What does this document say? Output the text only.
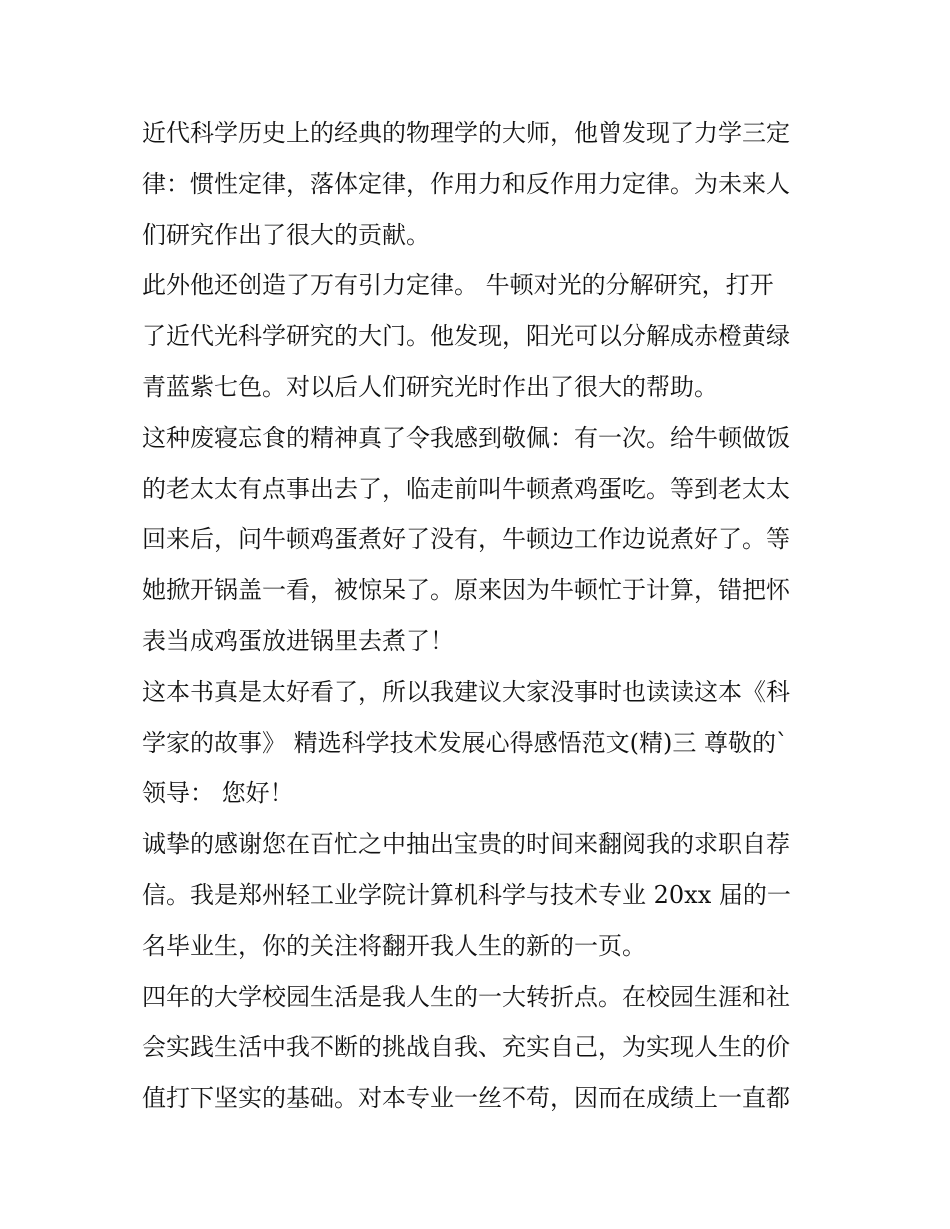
近代科学历史上的经典的物理学的大师，他曾发现了力学三定
律：惯性定律，落体定律，作用力和反作用力定律。为未来人
们研究作出了很大的贡献。
此外他还创造了万有引力定律。 牛顿对光的分解研究，打开
了近代光科学研究的大门。他发现，阳光可以分解成赤橙黄绿
青蓝紫七色。对以后人们研究光时作出了很大的帮助。
这种废寝忘食的精神真了令我感到敬佩：有一次。给牛顿做饭
的老太太有点事出去了，临走前叫牛顿煮鸡蛋吃。等到老太太
回来后，问牛顿鸡蛋煮好了没有，牛顿边工作边说煮好了。等
她掀开锅盖一看，被惊呆了。原来因为牛顿忙于计算，错把怀
表当成鸡蛋放进锅里去煮了！
这本书真是太好看了，所以我建议大家没事时也读读这本《科
学家的故事》 精选科学技术发展心得感悟范文(精)三 尊敬的`
领导： 您好！
诚挚的感谢您在百忙之中抽出宝贵的时间来翻阅我的求职自荐
信。我是郑州轻工业学院计算机科学与技术专业 20xx 届的一
名毕业生，你的关注将翻开我人生的新的一页。
四年的大学校园生活是我人生的一大转折点。在校园生涯和社
会实践生活中我不断的挑战自我、充实自己，为实现人生的价
值打下坚实的基础。对本专业一丝不苟，因而在成绩上一直都
